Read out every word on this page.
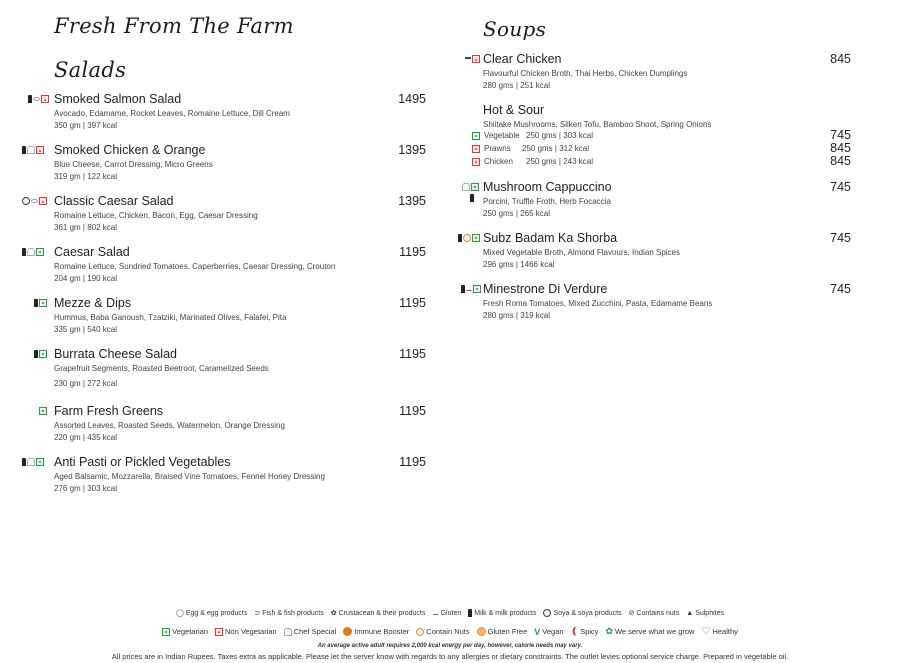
Fresh From The Farm
Salads
Soups
Smoked Salmon Salad
Avocado, Edamame, Rocket Leaves, Romaine Lettuce, Dill Cream
350 gm | 397 kcal
1495
Smoked Chicken & Orange
Blue Cheese, Carrot Dressing, Micro Greens
319 gm | 122 kcal
1395
Classic Caesar Salad
Romaine Lettuce, Chicken, Bacon, Egg, Caesar Dressing
361 gm | 802 kcal
1395
Caesar Salad
Romaine Lettuce, Sundried Tomatoes, Caperberries, Caesar Dressing, Crouton
204 gm | 190 kcal
1195
Mezze & Dips
Hummus, Baba Ganoush, Tzatziki, Marinated Olives, Falafel, Pita
335 gm | 540 kcal
1195
Burrata Cheese Salad
Grapefruit Segments, Roasted Beetroot, Caramelized Seeds
230 gm | 272 kcal
1195
Farm Fresh Greens
Assorted Leaves, Roasted Seeds, Watermelon, Orange Dressing
220 gm | 435 kcal
1195
Anti Pasti or Pickled Vegetables
Aged Balsamic, Mozzarella, Braised Vine Tomatoes, Fennel Honey Dressing
276 gm | 303 kcal
1195
Clear Chicken
Flavourful Chicken Broth, Thai Herbs, Chicken Dumplings
280 gms | 251 kcal
845
Hot & Sour
Shiitake Mushrooms, Silken Tofu, Bamboo Shoot, Spring Onions
Vegetable 250 gms | 303 kcal	745
Prawns	250 gms | 312 kcal	845
Chicken	250 gms | 243 kcal	845
Mushroom Cappuccino
Porcini, Truffle Froth, Herb Focaccia
250 gms | 265 kcal
745
Subz Badam Ka Shorba
Mixed Vegetable Broth, Almond Flavours, Indian Spices
296 gms | 1466 kcal
745
⚊ Minestrone Di Verdure
Fresh Roma Tomatoes, Mixed Zucchini, Pasta, Edamame Beans
280 gms | 319 kcal
745
◯ Egg & egg products ⊃ Fish & fish products ✿ Crustacean & their products ⚊ Gluten Milk & milk products Soya & soya products ⊘ Contains nuts ▲ Sulphites
Vegetarian Non Vegetarian Chef Special Immune Booster Contain Nuts Gluten Free V Vegan ❪ Spicy ✿ We serve what we grow ♡ Healthy
An average active adult requires 2,000 kcal energy per day, however, calorie needs may vary.
All prices are in Indian Rupees. Taxes extra as applicable. Please let the server know with regards to any allergies or dietary constraints. The outlet levies optional service charge. Prepared in vegetable oil.
